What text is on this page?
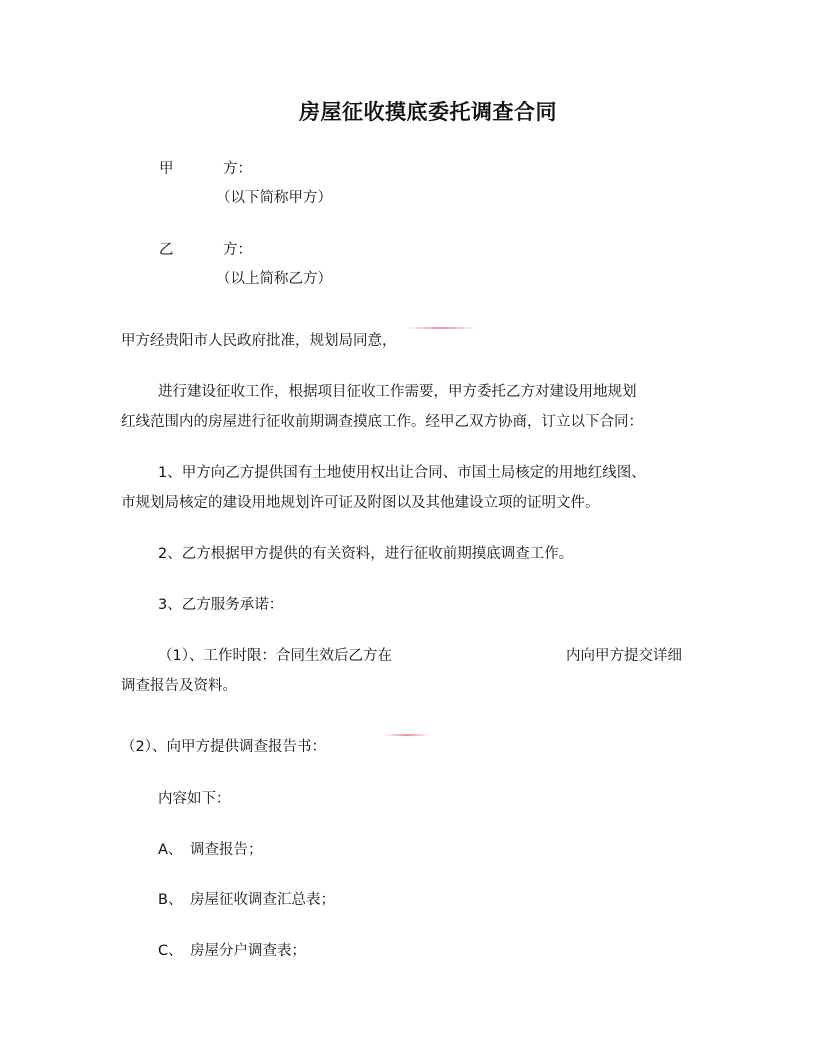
房屋征收摸底委托调查合同
甲	方：
（以下简称甲方）
乙	方：
（以上简称乙方）
甲方经贵阳市人民政府批准，规划局同意，
进行建设征收工作，根据项目征收工作需要，甲方委托乙方对建设用地规划
红线范围内的房屋进行征收前期调查摸底工作。经甲乙双方协商，订立以下合同：
1、甲方向乙方提供国有土地使用权出让合同、市国土局核定的用地红线图、
市规划局核定的建设用地规划许可证及附图以及其他建设立项的证明文件。
2、乙方根据甲方提供的有关资料，进行征收前期摸底调查工作。
3、乙方服务承诺：
（1）、工作时限：合同生效后乙方在	内向甲方提交详细
调查报告及资料。
（2）、向甲方提供调查报告书：
内容如下：
A、 调查报告；
B、 房屋征收调查汇总表；
C、 房屋分户调查表；
